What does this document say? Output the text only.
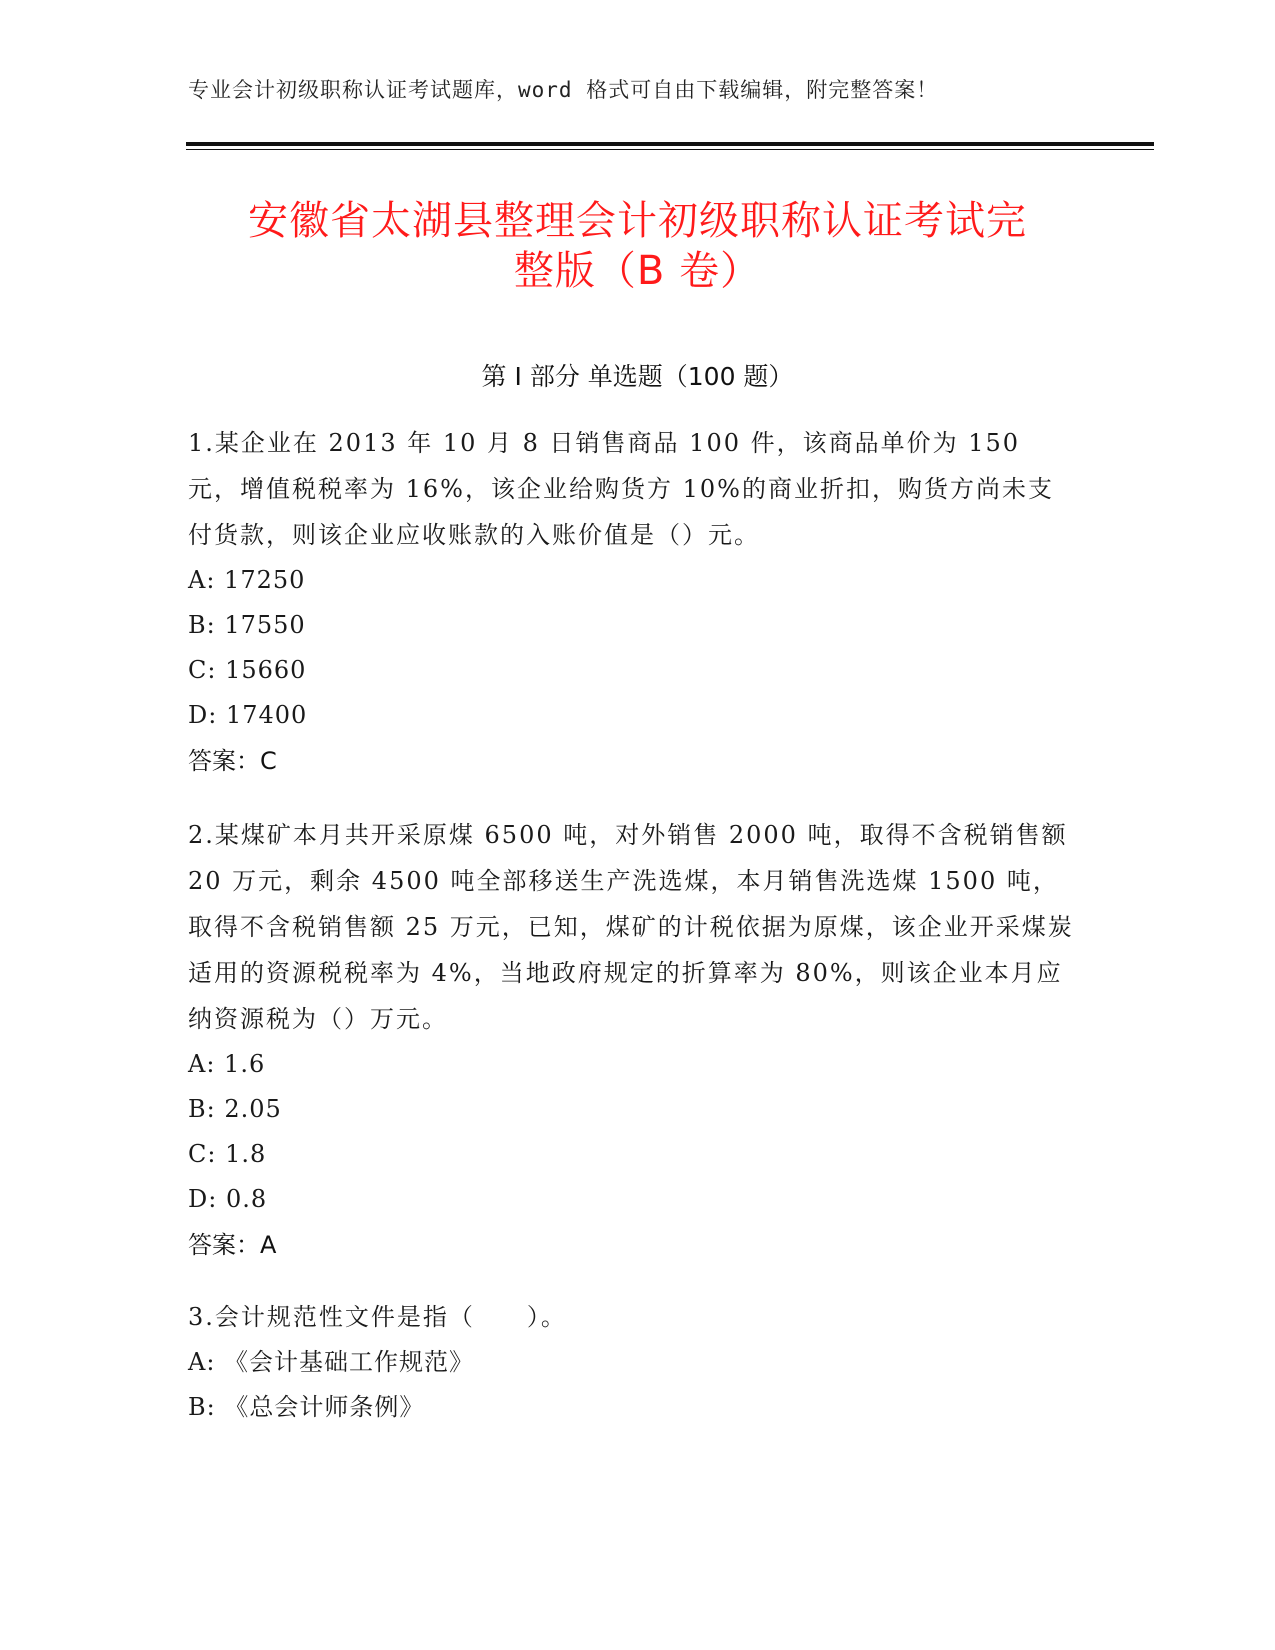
专业会计初级职称认证考试题库，word 格式可自由下载编辑，附完整答案！
安徽省太湖县整理会计初级职称认证考试完
整版（B 卷）
第 I 部分 单选题（100 题）

1.某企业在 2013 年 10 月 8 日销售商品 100 件，该商品单价为 150 元，增值税税率为 16%，该企业给购货方 10%的商业折扣，购货方尚未支付货款，则该企业应收账款的入账价值是（）元。

A: 17250

B: 17550

C: 15660

D: 17400

答案：C

2.某煤矿本月共开采原煤 6500 吨，对外销售 2000 吨，取得不含税销售额 20 万元，剩余 4500 吨全部移送生产洗选煤，本月销售洗选煤 1500 吨，取得不含税销售额 25 万元，已知，煤矿的计税依据为原煤，该企业开采煤炭适用的资源税税率为 4%，当地政府规定的折算率为 80%，则该企业本月应纳资源税为（）万元。

A: 1.6

B: 2.05

C: 1.8

D: 0.8

答案：A

3.会计规范性文件是指（　　）。

A: 《会计基础工作规范》

B: 《总会计师条例》
